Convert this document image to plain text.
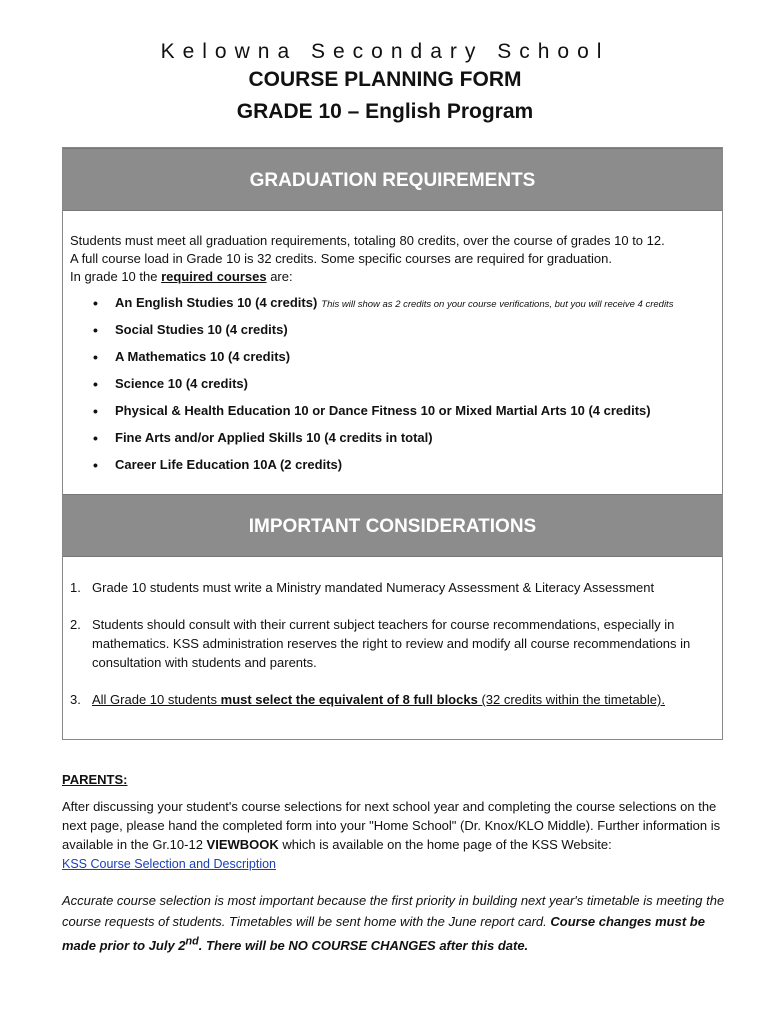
Kelowna Secondary School
COURSE PLANNING FORM
GRADE 10 – English Program
GRADUATION REQUIREMENTS
Students must meet all graduation requirements, totaling 80 credits, over the course of grades 10 to 12.
A full course load in Grade 10 is 32 credits. Some specific courses are required for graduation.
In grade 10 the required courses are:
• An English Studies 10 (4 credits) This will show as 2 credits on your course verifications, but you will receive 4 credits
• Social Studies 10 (4 credits)
• A Mathematics 10 (4 credits)
• Science 10 (4 credits)
• Physical & Health Education 10 or Dance Fitness 10 or Mixed Martial Arts 10 (4 credits)
• Fine Arts and/or Applied Skills 10 (4 credits in total)
• Career Life Education 10A (2 credits)
IMPORTANT CONSIDERATIONS
1. Grade 10 students must write a Ministry mandated Numeracy Assessment & Literacy Assessment
2. Students should consult with their current subject teachers for course recommendations, especially in mathematics. KSS administration reserves the right to review and modify all course recommendations in consultation with students and parents.
3. All Grade 10 students must select the equivalent of 8 full blocks (32 credits within the timetable).
PARENTS:

After discussing your student's course selections for next school year and completing the course selections on the next page, please hand the completed form into your "Home School" (Dr. Knox/KLO Middle). Further information is available in the Gr.10-12 VIEWBOOK which is available on the home page of the KSS Website:
KSS Course Selection and Description

Accurate course selection is most important because the first priority in building next year's timetable is meeting the course requests of students. Timetables will be sent home with the June report card. Course changes must be made prior to July 2nd. There will be NO COURSE CHANGES after this date.
